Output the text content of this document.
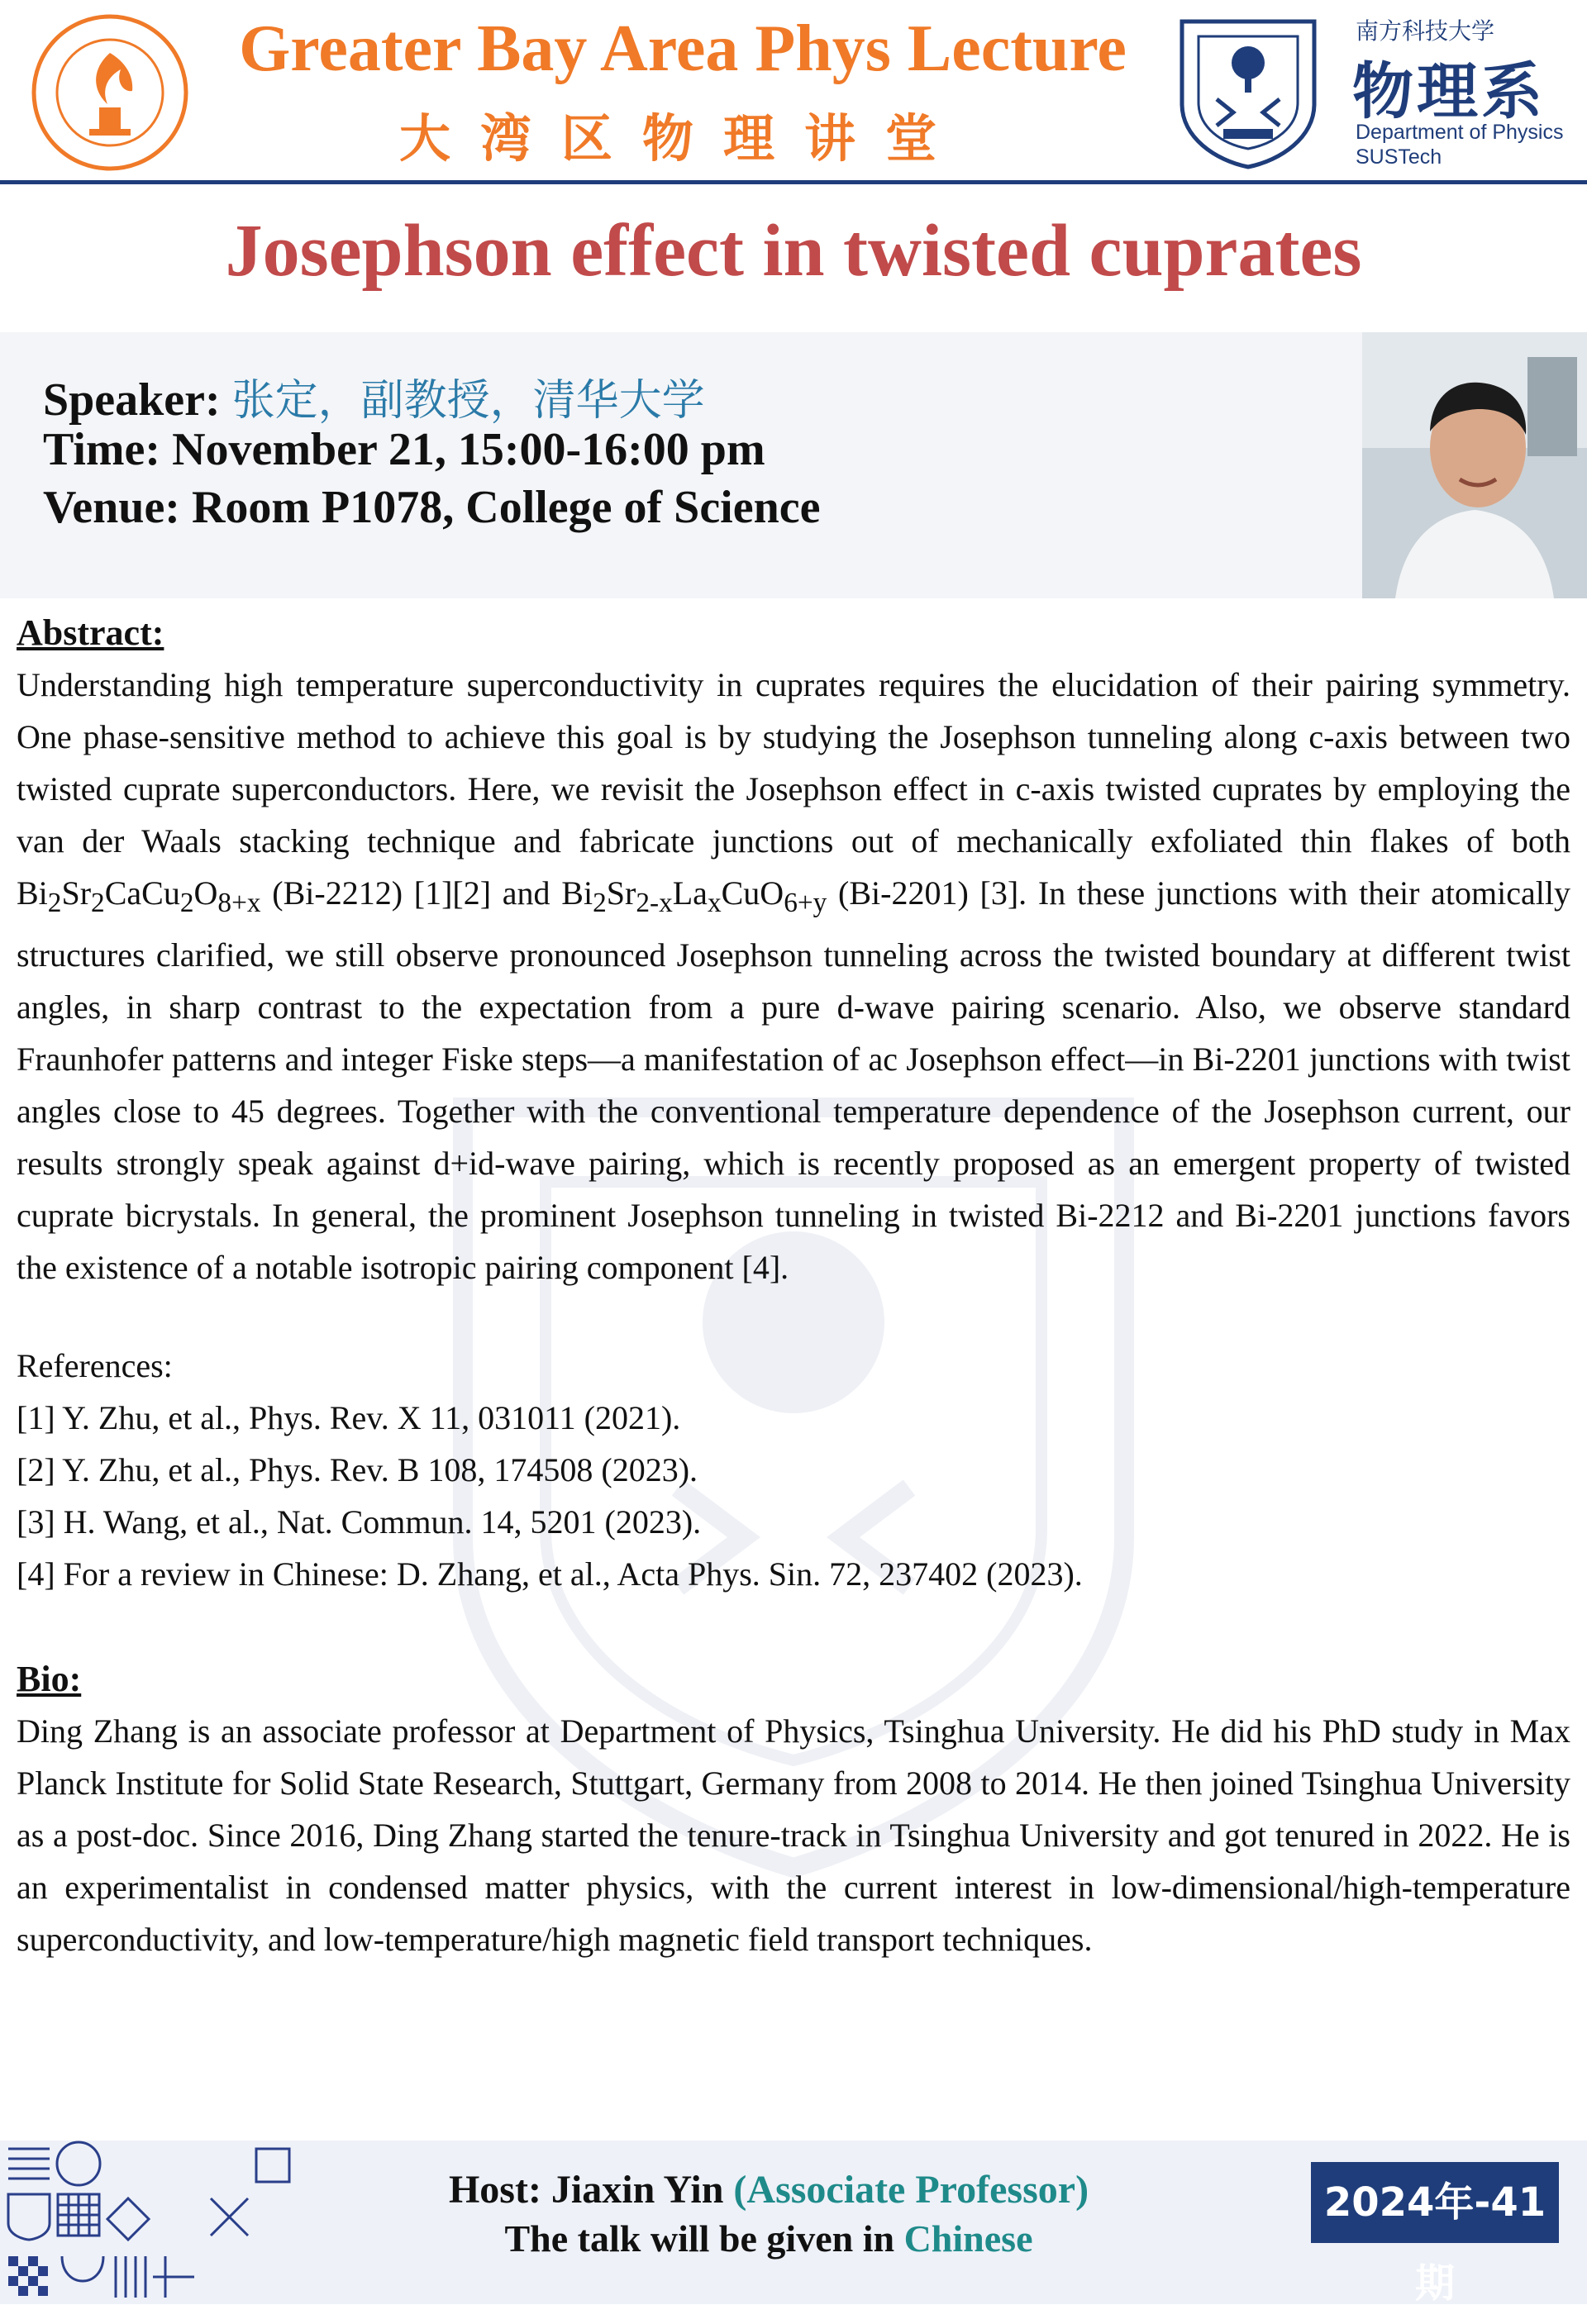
Greater Bay Area Phys Lecture
大湾区物理讲堂
南方科技大学
物理系
Department of Physics
SUSTech
Josephson effect in twisted cuprates
Speaker: 张定，副教授，清华大学
Time: November 21, 15:00-16:00 pm
Venue: Room P1078, College of Science
Abstract:

Understanding high temperature superconductivity in cuprates requires the elucidation of their pairing symmetry. One phase-sensitive method to achieve this goal is by studying the Josephson tunneling along c-axis between two twisted cuprate superconductors. Here, we revisit the Josephson effect in c-axis twisted cuprates by employing the van der Waals stacking technique and fabricate junctions out of mechanically exfoliated thin flakes of both $Bi_2Sr_2CaCu_2O_{8+x}$ (Bi-2212) [1][2] and $Bi_2Sr_{2-x}La_xCuO_{6+y}$ (Bi-2201) [3]. In these junctions with their atomically structures clarified, we still observe pronounced Josephson tunneling across the twisted boundary at different twist angles, in sharp contrast to the expectation from a pure d-wave pairing scenario. Also, we observe standard Fraunhofer patterns and integer Fiske steps—a manifestation of ac Josephson effect—in Bi-2201 junctions with twist angles close to 45 degrees. Together with the conventional temperature dependence of the Josephson current, our results strongly speak against d+id-wave pairing, which is recently proposed as an emergent property of twisted cuprate bicrystals. In general, the prominent Josephson tunneling in twisted Bi-2212 and Bi-2201 junctions favors the existence of a notable isotropic pairing component [4].

References:
[1] Y. Zhu, et al., Phys. Rev. X 11, 031011 (2021).
[2] Y. Zhu, et al., Phys. Rev. B 108, 174508 (2023).
[3] H. Wang, et al., Nat. Commun. 14, 5201 (2023).
[4] For a review in Chinese: D. Zhang, et al., Acta Phys. Sin. 72, 237402 (2023).
Bio:

Ding Zhang is an associate professor at Department of Physics, Tsinghua University. He did his PhD study in Max Planck Institute for Solid State Research, Stuttgart, Germany from 2008 to 2014. He then joined Tsinghua University as a post-doc. Since 2016, Ding Zhang started the tenure-track in Tsinghua University and got tenured in 2022. He is an experimentalist in condensed matter physics, with the current interest in low-dimensional/high-temperature superconductivity, and low-temperature/high magnetic field transport techniques.

Host: Jiaxin Yin (Associate Professor)
The talk will be given in Chinese
2024年-41期
